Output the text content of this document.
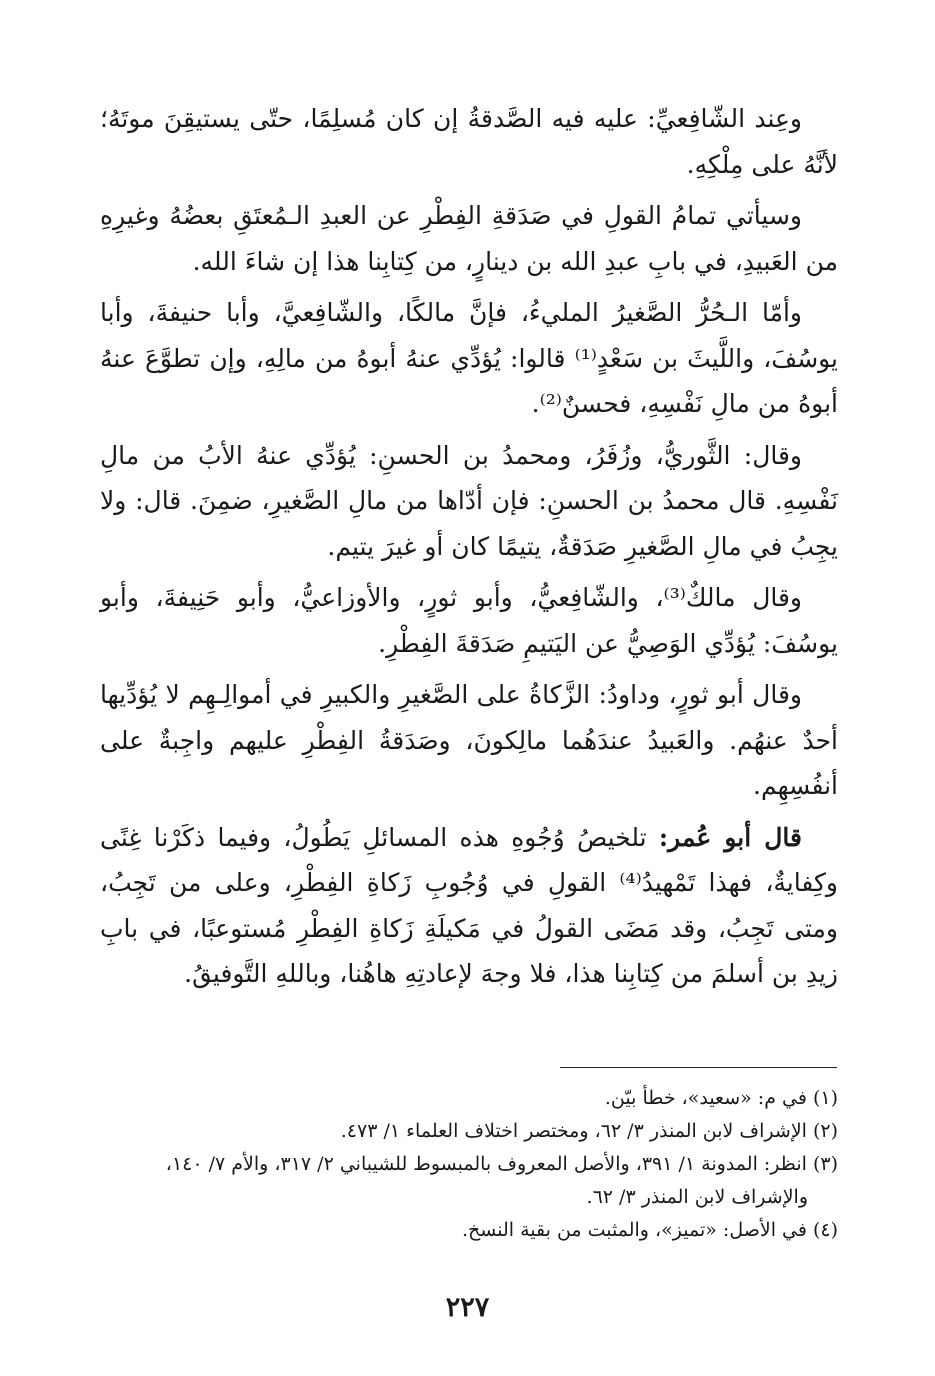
وعِند الشّافِعيِّ: عليه فيه الصَّدقةُ إن كان مُسلِمًا، حتّى يستيقِنَ موتَهُ؛ لأنَّهُ على مِلْكِهِ.

وسيأتي تمامُ القولِ في صَدَقةِ الفِطْرِ عن العبدِ الـمُعتَقِ بعضُهُ وغيرِهِ من العَبيدِ، في بابِ عبدِ الله بن دينارٍ، من كِتابِنا هذا إن شاءَ الله.

وأمّا الـحُرُّ الصَّغيرُ المليءُ، فإنَّ مالكًا، والشّافِعيَّ، وأبا حنيفةَ، وأبا يوسُفَ، واللَّيثَ بن سَعْدٍ⁽¹⁾ قالوا: يُؤدِّي عنهُ أبوهُ من مالِهِ، وإن تطوَّعَ عنهُ أبوهُ من مالِ نَفْسِهِ، فحسنٌ⁽²⁾.

وقال: الثَّوريُّ، وزُفَرُ، ومحمدُ بن الحسنِ: يُؤدِّي عنهُ الأبُ من مالِ نَفْسِهِ. قال محمدُ بن الحسنِ: فإن أدّاها من مالِ الصَّغيرِ، ضمِنَ. قال: ولا يجِبُ في مالِ الصَّغيرِ صَدَقةٌ، يتيمًا كان أو غيرَ يتيم.

وقال مالكٌ⁽³⁾، والشّافِعيُّ، وأبو ثورٍ، والأوزاعيُّ، وأبو حَنِيفةَ، وأبو يوسُفَ: يُؤدِّي الوَصِيُّ عن اليَتيمِ صَدَقةَ الفِطْرِ.

وقال أبو ثورٍ، وداودُ: الزَّكاةُ على الصَّغيرِ والكبيرِ في أموالِـهِم لا يُؤدِّيها أحدٌ عنهُم. والعَبيدُ عندَهُما مالِكونَ، وصَدَقةُ الفِطْرِ عليهم واجِبةٌ على أنفُسِهِم.

قال أبو عُمر: تلخيصُ وُجُوهِ هذه المسائلِ يَطُولُ، وفيما ذكَرْنا غِنًى وكِفايةٌ، فهذا تَمْهيدُ⁽⁴⁾ القولِ في وُجُوبِ زَكاةِ الفِطْرِ، وعلى من تَجِبُ، ومتى تَجِبُ، وقد مَضَى القولُ في مَكيلَةِ زَكاةِ الفِطْرِ مُستوعبًا، في بابِ زيدِ بن أسلمَ من كِتابِنا هذا، فلا وجهَ لإعادتِهِ هاهُنا، وباللهِ التَّوفيقُ.

(١)في م: «سعيد»، خطأ بيّن.
(٢)الإشراف لابن المنذر ٣/ ٦٢، ومختصر اختلاف العلماء ١/ ٤٧٣.
(٣)انظر: المدونة ١/ ٣٩١، والأصل المعروف بالمبسوط للشيباني ٢/ ٣١٧، والأم ٧/ ١٤٠،
والإشراف لابن المنذر ٣/ ٦٢.
(٤)في الأصل: «تميز»، والمثبت من بقية النسخ.
٢٢٧
